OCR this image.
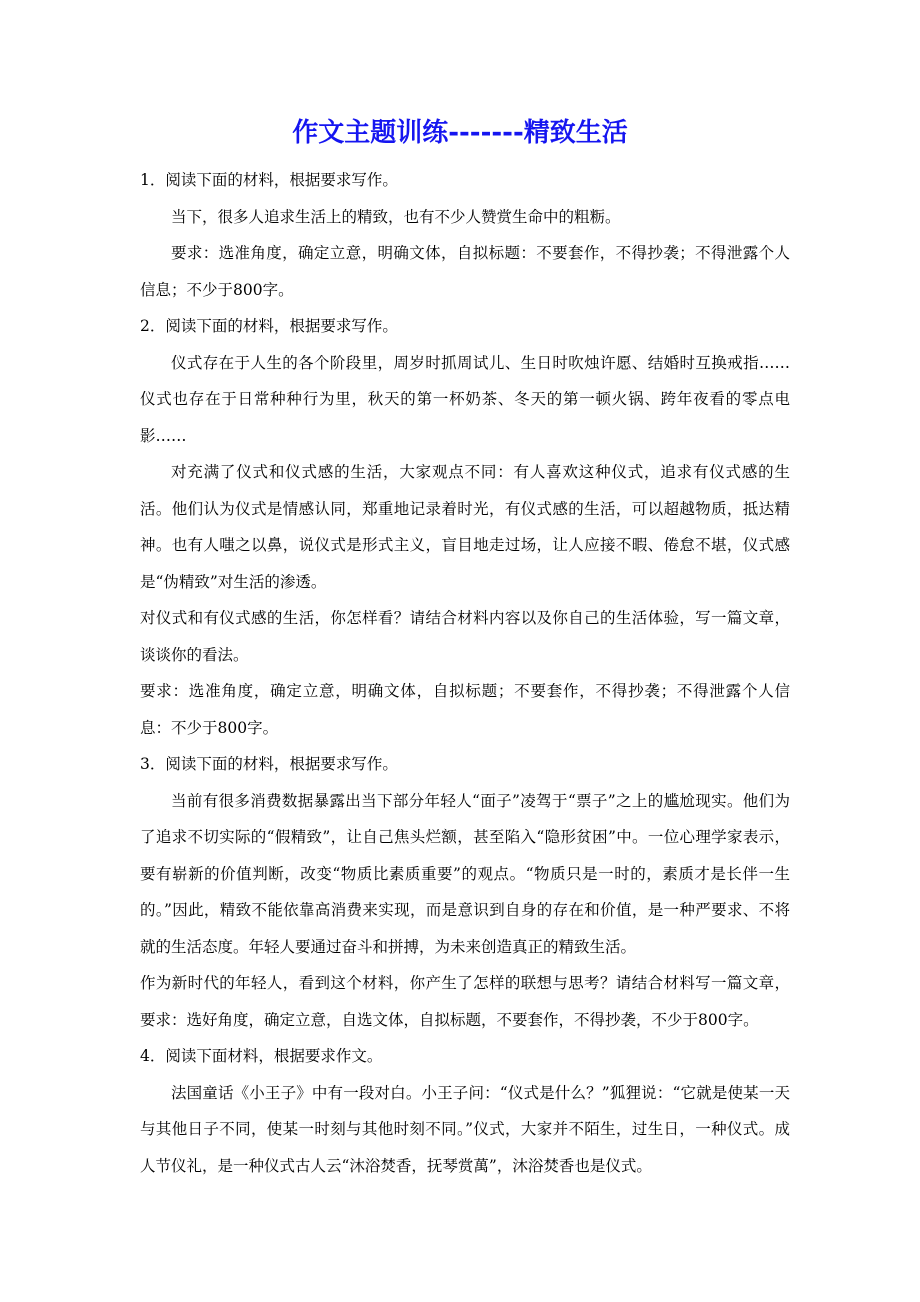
作文主题训练-------精致生活

1．阅读下面的材料，根据要求写作。

当下，很多人追求生活上的精致，也有不少人赞赏生命中的粗粝。

要求：选准角度，确定立意，明确文体，自拟标题：不要套作，不得抄袭；不得泄露个人信息；不少于800字。

2．阅读下面的材料，根据要求写作。

仪式存在于人生的各个阶段里，周岁时抓周试儿、生日时吹烛许愿、结婚时互换戒指……仪式也存在于日常种种行为里，秋天的第一杯奶茶、冬天的第一顿火锅、跨年夜看的零点电影……

对充满了仪式和仪式感的生活，大家观点不同：有人喜欢这种仪式，追求有仪式感的生活。他们认为仪式是情感认同，郑重地记录着时光，有仪式感的生活，可以超越物质，抵达精神。也有人嗤之以鼻，说仪式是形式主义，盲目地走过场，让人应接不暇、倦怠不堪，仪式感是“伪精致”对生活的渗透。

对仪式和有仪式感的生活，你怎样看？请结合材料内容以及你自己的生活体验，写一篇文章，谈谈你的看法。

要求：选准角度，确定立意，明确文体，自拟标题；不要套作，不得抄袭；不得泄露个人信息：不少于800字。

3．阅读下面的材料，根据要求写作。

当前有很多消费数据暴露出当下部分年轻人“面子”凌驾于“票子”之上的尴尬现实。他们为了追求不切实际的“假精致”，让自己焦头烂额，甚至陷入“隐形贫困”中。一位心理学家表示，要有崭新的价值判断，改变“物质比素质重要”的观点。“物质只是一时的，素质才是长伴一生的。”因此，精致不能依靠高消费来实现，而是意识到自身的存在和价值，是一种严要求、不将就的生活态度。年轻人要通过奋斗和拼搏，为未来创造真正的精致生活。

作为新时代的年轻人，看到这个材料，你产生了怎样的联想与思考？请结合材料写一篇文章，要求：选好角度，确定立意，自选文体，自拟标题，不要套作，不得抄袭，不少于800字。

4．阅读下面材料，根据要求作文。

法国童话《小王子》中有一段对白。小王子问：“仪式是什么？”狐狸说：“它就是使某一天与其他日子不同，使某一时刻与其他时刻不同。”仪式，大家并不陌生，过生日，一种仪式。成人节仪礼，是一种仪式古人云“沐浴焚香，抚琴赏萬”，沐浴焚香也是仪式。
